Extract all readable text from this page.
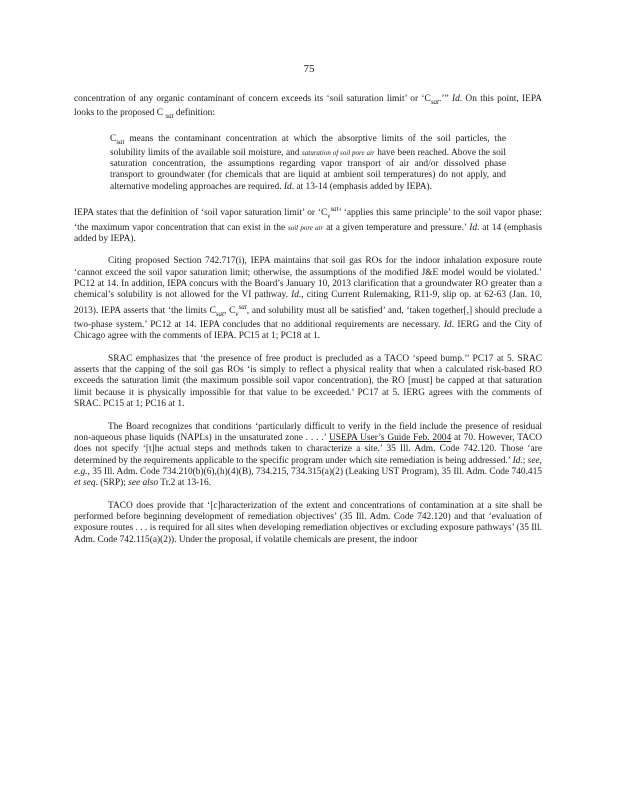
75

concentration of any organic contaminant of concern exceeds its ‘soil saturation limit’ or ‘$C_{sat}$.’” Id. On this point, IEPA looks to the proposed C $_{sat}$ definition:

$C_{sat}$ means the contaminant concentration at which the absorptive limits of the soil particles, the solubility limits of the available soil moisture, and saturation of soil pore air have been reached. Above the soil saturation concentration, the assumptions regarding vapor transport of air and/or dissolved phase transport to groundwater (for chemicals that are liquid at ambient soil temperatures) do not apply, and alternative modeling approaches are required. Id. at 13-14 (emphasis added by IEPA).

IEPA states that the definition of ‘soil vapor saturation limit’ or ‘$C_v^{sat}$’ ‘applies this same principle’ to the soil vapor phase: ‘the maximum vapor concentration that can exist in the soil pore air at a given temperature and pressure.’ Id. at 14 (emphasis added by IEPA).

Citing proposed Section 742.717(i), IEPA maintains that soil gas ROs for the indoor inhalation exposure route ‘cannot exceed the soil vapor saturation limit; otherwise, the assumptions of the modified J&E model would be violated.’ PC12 at 14. In addition, IEPA concurs with the Board’s January 10, 2013 clarification that a groundwater RO greater than a chemical’s solubility is not allowed for the VI pathway. Id., citing Current Rulemaking, R11-9, slip op. at 62-63 (Jan. 10, 2013). IEPA asserts that ‘the limits $C_{sat}$, $C_v^{sat}$, and solubility must all be satisfied’ and, ‘taken together[,] should preclude a two-phase system.’ PC12 at 14. IEPA concludes that no additional requirements are necessary. Id. IERG and the City of Chicago agree with the comments of IEPA. PC15 at 1; PC18 at 1.

SRAC emphasizes that ‘the presence of free product is precluded as a TACO ‘speed bump.’’ PC17 at 5. SRAC asserts that the capping of the soil gas ROs ‘is simply to reflect a physical reality that when a calculated risk-based RO exceeds the saturation limit (the maximum possible soil vapor concentration), the RO [must] be capped at that saturation limit because it is physically impossible for that value to be exceeded.’ PC17 at 5. IERG agrees with the comments of SRAC. PC15 at 1; PC16 at 1.

The Board recognizes that conditions ‘particularly difficult to verify in the field include the presence of residual non-aqueous phase liquids (NAPLs) in the unsaturated zone . . . .’ USEPA User’s Guide Feb. 2004 at 70. However, TACO does not specify ‘[t]he actual steps and methods taken to characterize a site.’ 35 Ill. Adm. Code 742.120. Those ‘are determined by the requirements applicable to the specific program under which site remediation is being addressed.’ Id.; see, e.g., 35 Ill. Adm. Code 734.210(b)(6),(h)(4)(B), 734.215, 734.315(a)(2) (Leaking UST Program), 35 Ill. Adm. Code 740.415 et seq. (SRP); see also Tr.2 at 13-16.

TACO does provide that ‘[c]haracterization of the extent and concentrations of contamination at a site shall be performed before beginning development of remediation objectives’ (35 Ill. Adm. Code 742.120) and that ‘evaluation of exposure routes . . . is required for all sites when developing remediation objectives or excluding exposure pathways’ (35 Ill. Adm. Code 742.115(a)(2)). Under the proposal, if volatile chemicals are present, the indoor
